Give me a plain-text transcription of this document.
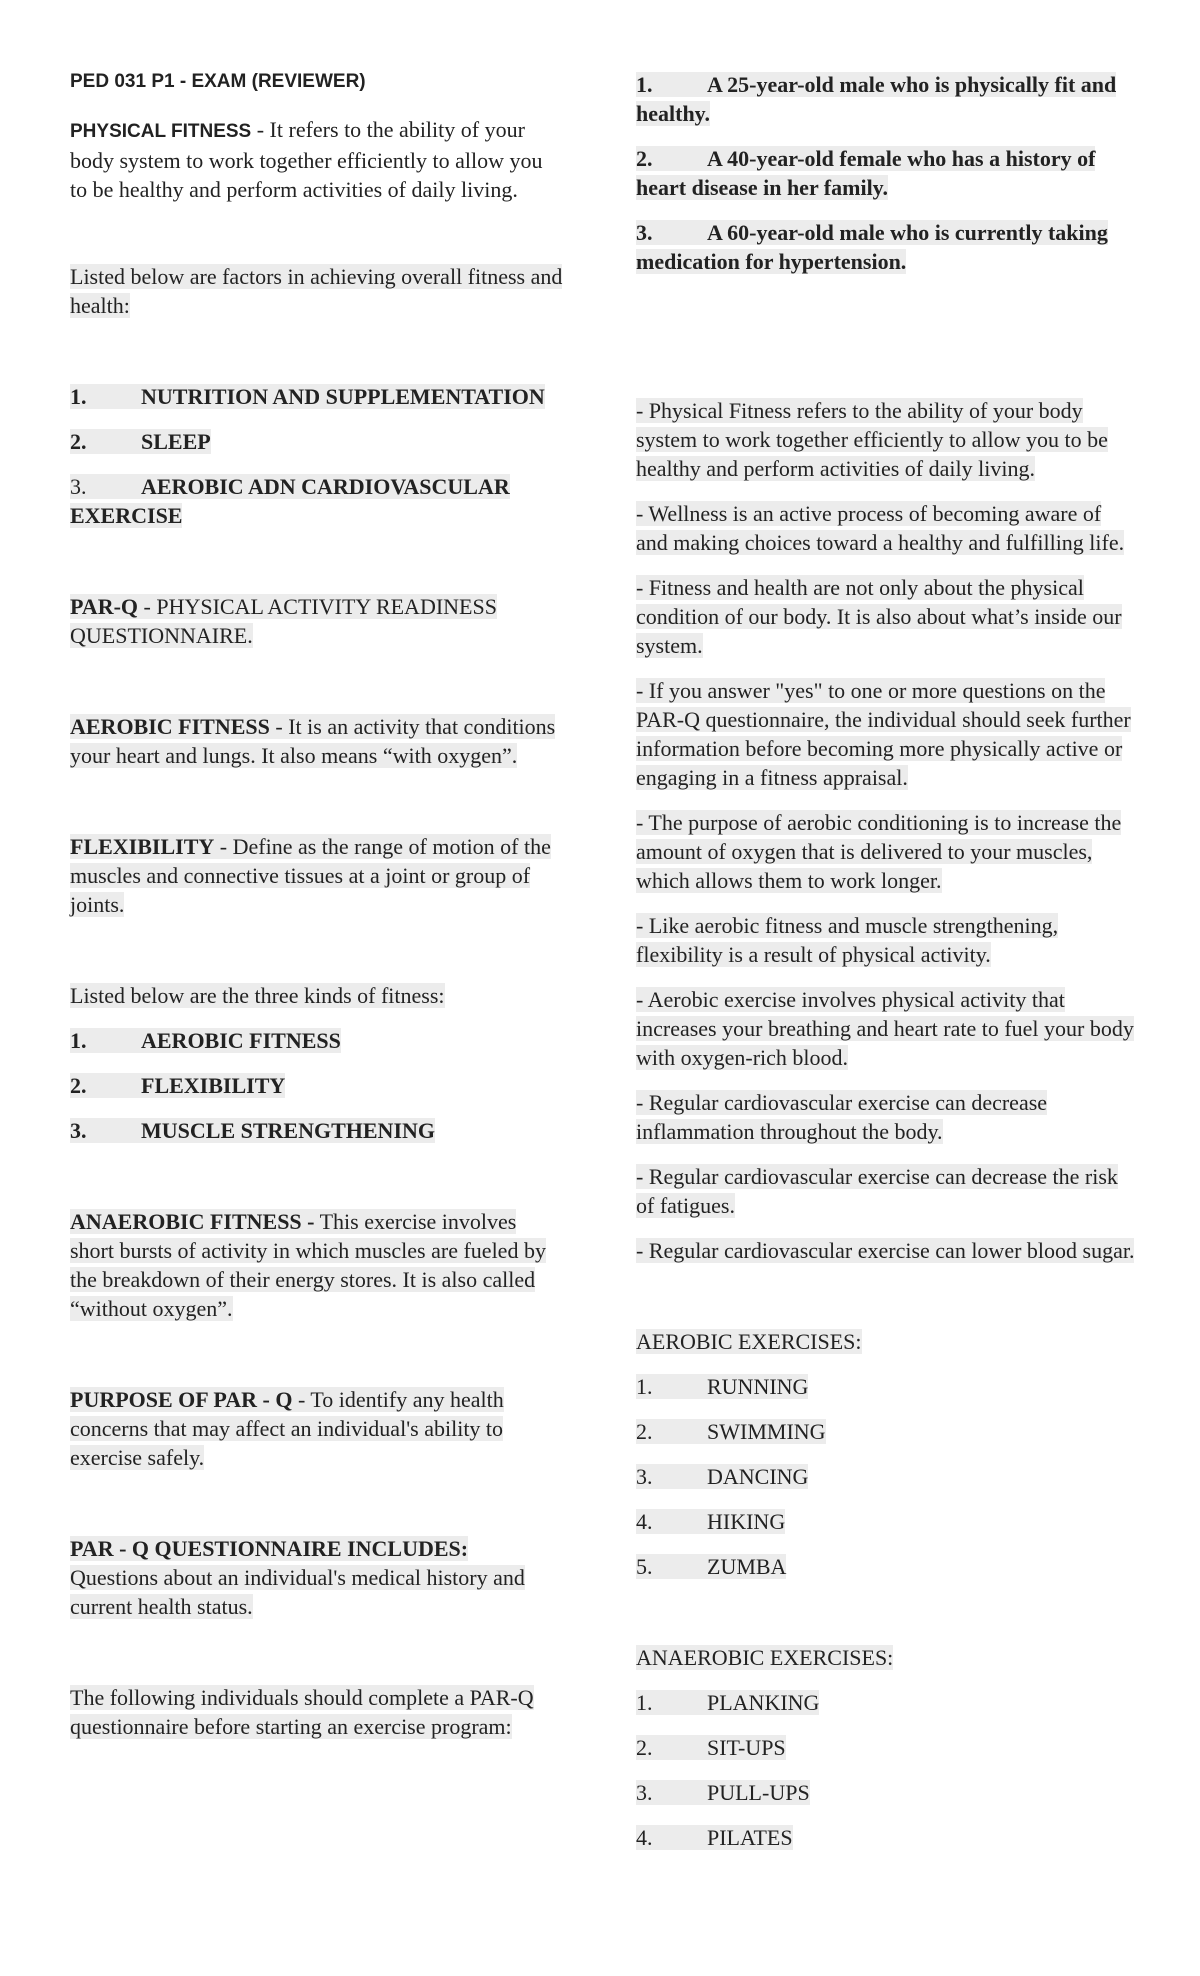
PED 031 P1 - EXAM (REVIEWER)

PHYSICAL FITNESS - It refers to the ability of your body system to work together efficiently to allow you to be healthy and perform activities of daily living.

Listed below are factors in achieving overall fitness and health:

1. NUTRITION AND SUPPLEMENTATION

2. SLEEP

3. AEROBIC ADN CARDIOVASCULAR EXERCISE

PAR-Q - PHYSICAL ACTIVITY READINESS QUESTIONNAIRE.

AEROBIC FITNESS - It is an activity that conditions your heart and lungs. It also means “with oxygen”.

FLEXIBILITY - Define as the range of motion of the muscles and connective tissues at a joint or group of joints.

Listed below are the three kinds of fitness:

1. AEROBIC FITNESS

2. FLEXIBILITY

3. MUSCLE STRENGTHENING

ANAEROBIC FITNESS - This exercise involves short bursts of activity in which muscles are fueled by the breakdown of their energy stores. It is also called “without oxygen”.

PURPOSE OF PAR - Q - To identify any health concerns that may affect an individual's ability to exercise safely.

PAR - Q QUESTIONNAIRE INCLUDES:

Questions about an individual's medical history and current health status.

The following individuals should complete a PAR-Q questionnaire before starting an exercise program:

1. A 25-year-old male who is physically fit and healthy.

2. A 40-year-old female who has a history of heart disease in her family.

3. A 60-year-old male who is currently taking medication for hypertension.

- Physical Fitness refers to the ability of your body system to work together efficiently to allow you to be healthy and perform activities of daily living.

- Wellness is an active process of becoming aware of and making choices toward a healthy and fulfilling life.

- Fitness and health are not only about the physical condition of our body. It is also about what’s inside our system.

- If you answer "yes" to one or more questions on the PAR-Q questionnaire, the individual should seek further information before becoming more physically active or engaging in a fitness appraisal.

- The purpose of aerobic conditioning is to increase the amount of oxygen that is delivered to your muscles, which allows them to work longer.

- Like aerobic fitness and muscle strengthening, flexibility is a result of physical activity.

- Aerobic exercise involves physical activity that increases your breathing and heart rate to fuel your body with oxygen-rich blood.

- Regular cardiovascular exercise can decrease inflammation throughout the body.

- Regular cardiovascular exercise can decrease the risk of fatigues.

- Regular cardiovascular exercise can lower blood sugar.

AEROBIC EXERCISES:

1. RUNNING

2. SWIMMING

3. DANCING

4. HIKING

5. ZUMBA

ANAEROBIC EXERCISES:

1. PLANKING

2. SIT-UPS

3. PULL-UPS

4. PILATES
